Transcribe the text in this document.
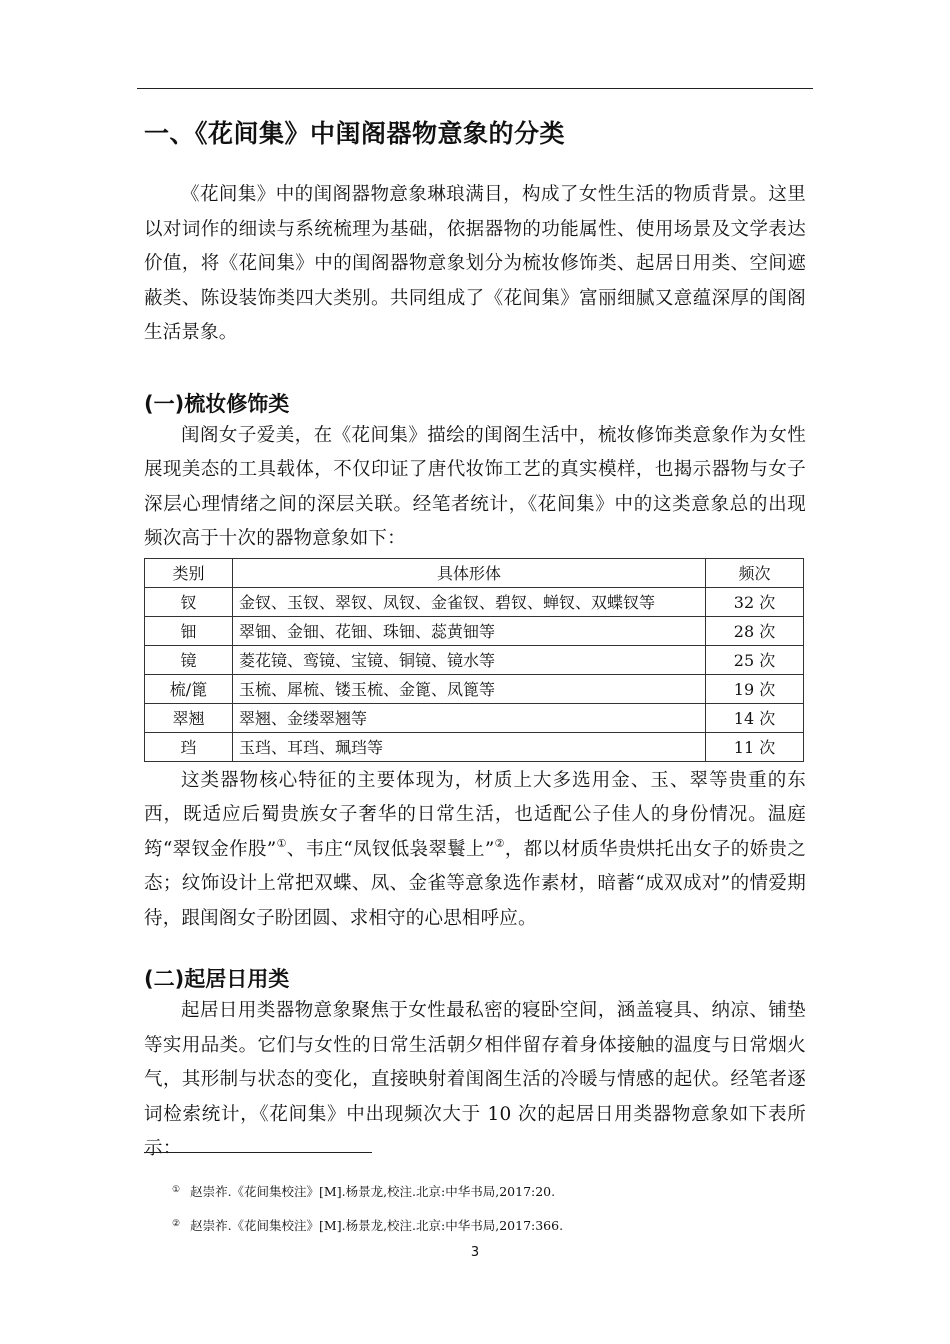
一、《花间集》中闺阁器物意象的分类

《花间集》中的闺阁器物意象琳琅满目，构成了女性生活的物质背景。这里以对词作的细读与系统梳理为基础，依据器物的功能属性、使用场景及文学表达价值，将《花间集》中的闺阁器物意象划分为梳妆修饰类、起居日用类、空间遮蔽类、陈设装饰类四大类别。共同组成了《花间集》富丽细腻又意蕴深厚的闺阁生活景象。

(一)梳妆修饰类

闺阁女子爱美，在《花间集》描绘的闺阁生活中，梳妆修饰类意象作为女性展现美态的工具载体，不仅印证了唐代妆饰工艺的真实模样，也揭示器物与女子深层心理情绪之间的深层关联。经笔者统计，《花间集》中的这类意象总的出现频次高于十次的器物意象如下：

类别	具体形体	频次
钗	金钗、玉钗、翠钗、凤钗、金雀钗、碧钗、蝉钗、双蝶钗等	32 次
钿	翠钿、金钿、花钿、珠钿、蕊黄钿等	28 次
镜	菱花镜、鸾镜、宝镜、铜镜、镜水等	25 次
梳/篦	玉梳、犀梳、镂玉梳、金篦、凤篦等	19 次
翠翘	翠翘、金缕翠翘等	14 次
珰	玉珰、耳珰、珮珰等	11 次

这类器物核心特征的主要体现为，材质上大多选用金、玉、翠等贵重的东西，既适应后蜀贵族女子奢华的日常生活，也适配公子佳人的身份情况。温庭筠“翠钗金作股”①、韦庄“凤钗低袅翠鬟上”②，都以材质华贵烘托出女子的娇贵之态；纹饰设计上常把双蝶、凤、金雀等意象选作素材，暗蓄“成双成对”的情爱期待，跟闺阁女子盼团圆、求相守的心思相呼应。

(二)起居日用类

起居日用类器物意象聚焦于女性最私密的寝卧空间，涵盖寝具、纳凉、铺垫等实用品类。它们与女性的日常生活朝夕相伴留存着身体接触的温度与日常烟火气，其形制与状态的变化，直接映射着闺阁生活的冷暖与情感的起伏。经笔者逐词检索统计，《花间集》中出现频次大于 10 次的起居日用类器物意象如下表所示：

① 赵崇祚.《花间集校注》[M].杨景龙,校注.北京:中华书局,2017:20.
② 赵崇祚.《花间集校注》[M].杨景龙,校注.北京:中华书局,2017:366.
3
